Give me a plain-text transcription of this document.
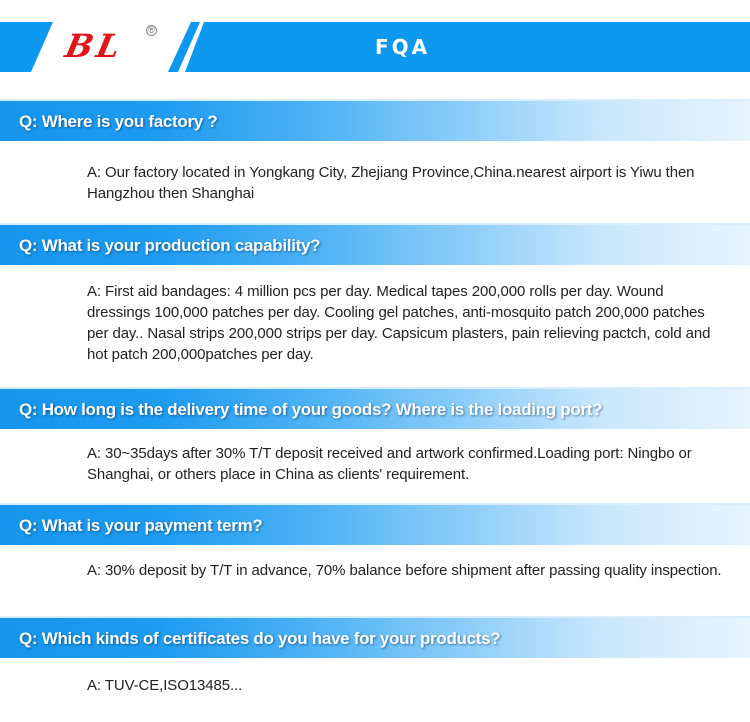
BL ®
FQA
Q: Where is you factory ?
A: Our factory located in Yongkang City, Zhejiang Province,China.nearest airport is Yiwu then Hangzhou then Shanghai
Q: What is your production capability?
A: First aid bandages: 4 million pcs per day. Medical tapes 200,000 rolls per day. Wound dressings 100,000 patches per day. Cooling gel patches, anti-mosquito patch 200,000 patches per day.. Nasal strips 200,000 strips per day. Capsicum plasters, pain relieving pactch, cold and hot patch 200,000patches per day.
Q: How long is the delivery time of your goods? Where is the loading port?
A: 30~35days after 30% T/T deposit received and artwork confirmed.Loading port: Ningbo or Shanghai, or others place in China as clients' requirement.
Q: What is your payment term?
A: 30% deposit by T/T in advance, 70% balance before shipment after passing quality inspection.
Q: Which kinds of certificates do you have for your products?
A: TUV-CE,ISO13485...
